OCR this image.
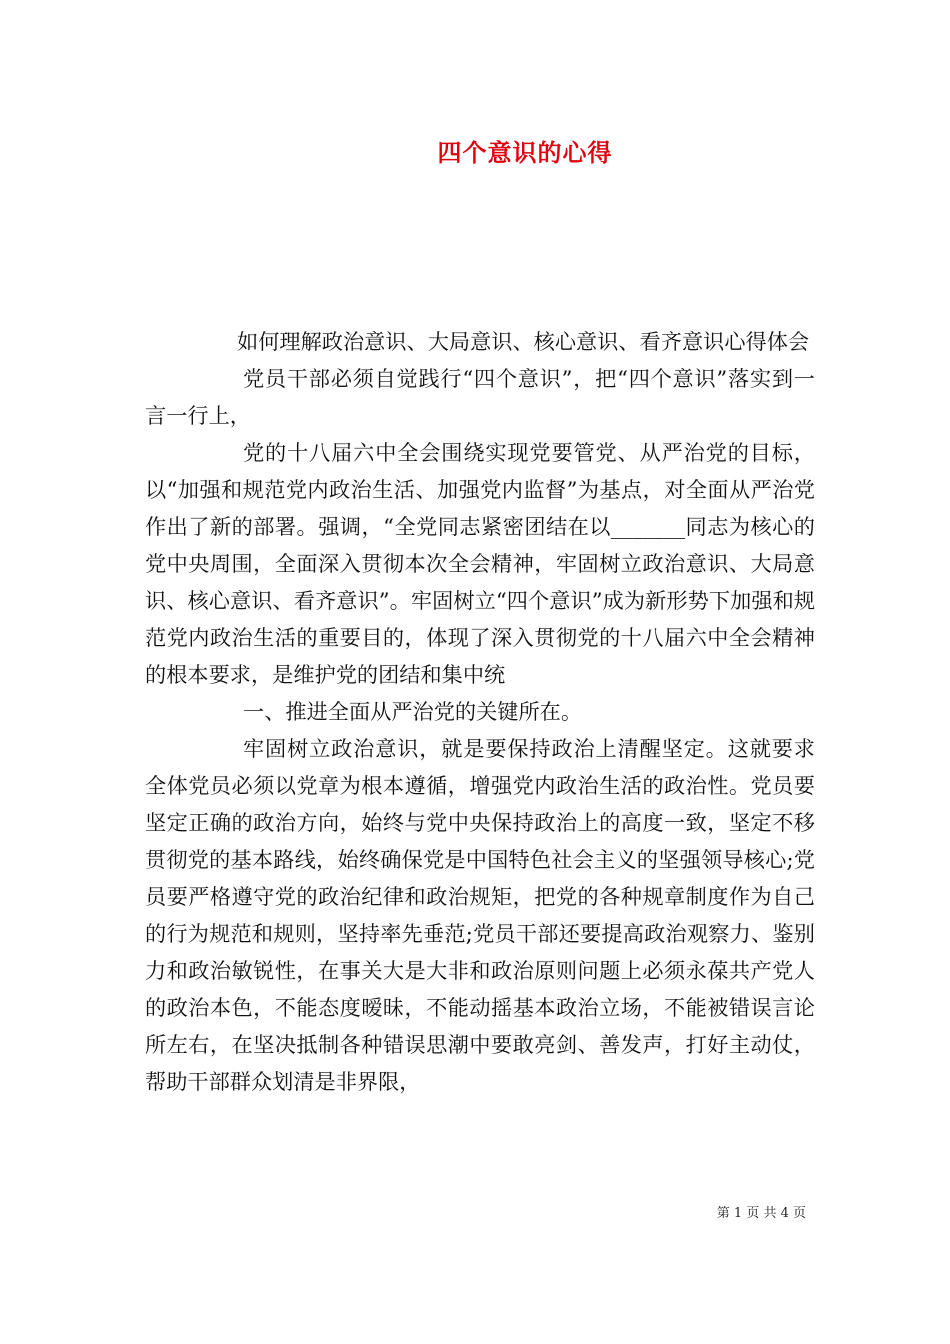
四个意识的心得

如何理解政治意识、大局意识、核心意识、看齐意识心得体会

党员干部必须自觉践行“四个意识”，把“四个意识”落实到一言一行上，

党的十八届六中全会围绕实现党要管党、从严治党的目标，以“加强和规范党内政治生活、加强党内监督”为基点，对全面从严治党作出了新的部署。强调，“全党同志紧密团结在以_______同志为核心的党中央周围，全面深入贯彻本次全会精神，牢固树立政治意识、大局意识、核心意识、看齐意识”。牢固树立“四个意识”成为新形势下加强和规范党内政治生活的重要目的，体现了深入贯彻党的十八届六中全会精神的根本要求，是维护党的团结和集中统

一、推进全面从严治党的关键所在。

牢固树立政治意识，就是要保持政治上清醒坚定。这就要求全体党员必须以党章为根本遵循，增强党内政治生活的政治性。党员要坚定正确的政治方向，始终与党中央保持政治上的高度一致，坚定不移贯彻党的基本路线，始终确保党是中国特色社会主义的坚强领导核心;党员要严格遵守党的政治纪律和政治规矩，把党的各种规章制度作为自己的行为规范和规则，坚持率先垂范;党员干部还要提高政治观察力、鉴别力和政治敏锐性，在事关大是大非和政治原则问题上必须永葆共产党人的政治本色，不能态度暧昧，不能动摇基本政治立场，不能被错误言论所左右，在坚决抵制各种错误思潮中要敢亮剑、善发声，打好主动仗，帮助干部群众划清是非界限，

第 1 页 共 4 页
